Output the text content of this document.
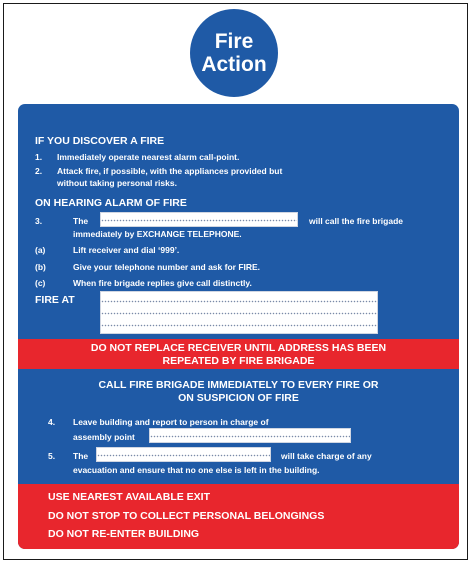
Fire
Action
IF YOU DISCOVER A FIRE
1. Immediately operate nearest alarm call-point.
2. Attack fire, if possible, with the appliances provided but
without taking personal risks.
ON HEARING ALARM OF FIRE
3.	The	will call the fire brigade
immediately by EXCHANGE TELEPHONE.
(a)	Lift receiver and dial ‘999’.
(b)	Give your telephone number and ask for FIRE.
(c)	When fire brigade replies give call distinctly.
FIRE AT
DO NOT REPLACE RECEIVER UNTIL ADDRESS HAS BEEN
REPEATED BY FIRE BRIGADE
CALL FIRE BRIGADE IMMEDIATELY TO EVERY FIRE OR
ON SUSPICION OF FIRE
4. Leave building and report to person in charge of
assembly point
5. The	will take charge of any
evacuation and ensure that no one else is left in the building.
USE NEAREST AVAILABLE EXIT
DO NOT STOP TO COLLECT PERSONAL BELONGINGS
DO NOT RE-ENTER BUILDING
